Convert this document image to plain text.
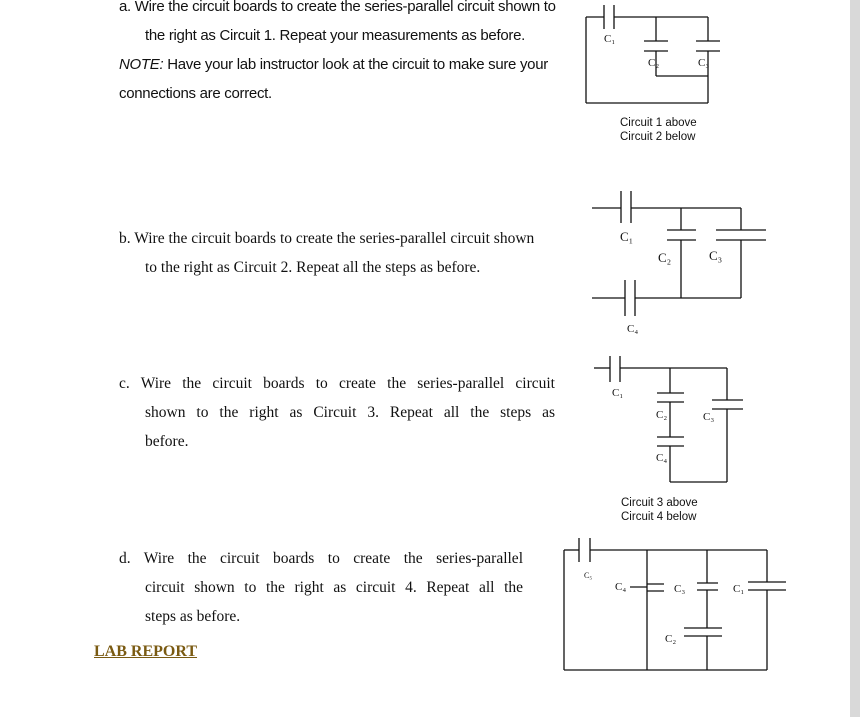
a. Wire the circuit boards to create the series-parallel circuit shown to
the right as Circuit 1. Repeat your measurements as before.
NOTE: Have your lab instructor look at the circuit to make sure your
connections are correct.
b. Wire the circuit boards to create the series-parallel circuit shown
to the right as Circuit 2. Repeat all the steps as before.
c. Wire the circuit boards to create the series-parallel circuit
shown to the right as Circuit 3. Repeat all the steps as
before.
d. Wire the circuit boards to create the series-parallel
circuit shown to the right as circuit 4. Repeat all the
steps as before.
LAB REPORT
Circuit 1 above
Circuit 2 below
Circuit 3 above
Circuit 4 below
C₁
C₂	C₃
C₁
C₂	C₃
C₄
C₁
C₂	C₃
C₄
C₅
C₄	C₃	C₁
C₂
